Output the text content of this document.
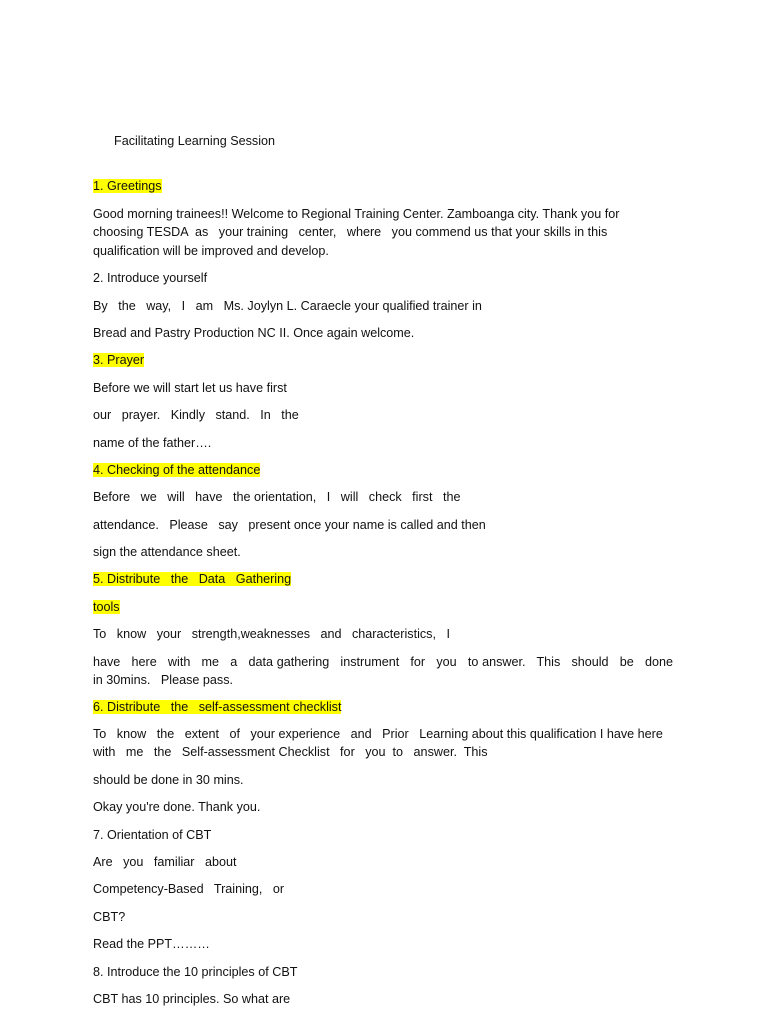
Facilitating Learning Session

1. Greetings

Good morning trainees!! Welcome to Regional Training Center. Zamboanga city. Thank you for choosing TESDA  as   your training   center,   where   you commend us that your skills in this

qualification will be improved and develop.

2. Introduce yourself

By   the   way,   I   am   Ms. Joylyn L. Caraecle your qualified trainer in

Bread and Pastry Production NC II. Once again welcome.

3. Prayer

Before we will start let us have first

our   prayer.   Kindly   stand.   In   the

name of the father….

4. Checking of the attendance

Before   we   will   have   the orientation,   I   will   check   first   the

attendance.   Please   say   present once your name is called and then

sign the attendance sheet.

5. Distribute   the   Data   Gathering

tools

To   know   your   strength,weaknesses   and   characteristics,   I

have   here   with   me   a   data gathering   instrument   for   you   to answer.   This   should   be   done in 30mins.   Please pass.

6. Distribute   the   self-assessment checklist

To   know   the   extent   of   your experience   and   Prior   Learning about this qualification I have here with   me   the   Self-assessment Checklist   for   you  to   answer.  This

should be done in 30 mins.

Okay you're done. Thank you.

7. Orientation of CBT

Are   you   familiar   about

Competency-Based   Training,   or

CBT?

Read the PPT………

8. Introduce the 10 principles of CBT

CBT has 10 principles. So what are
